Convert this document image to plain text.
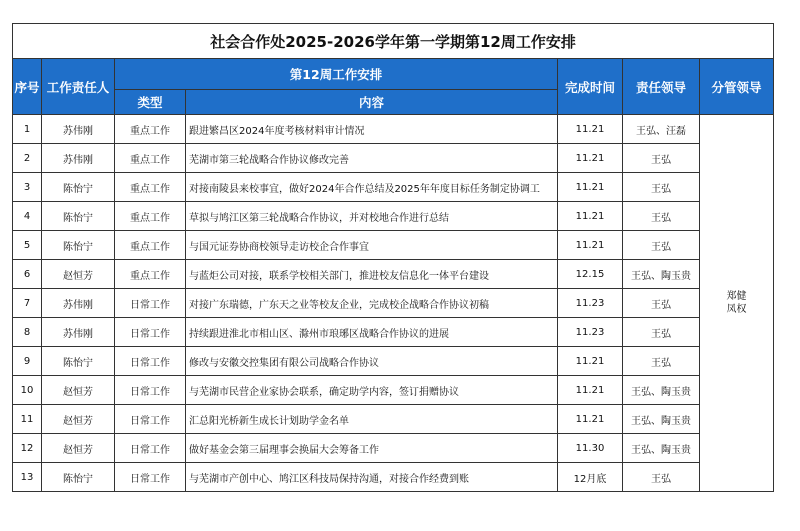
社会合作处2025-2026学年第一学期第12周工作安排						
序号	工作责任人	第12周工作安排		完成时间	责任领导	分管领导
		类型	内容			
1	苏伟刚	重点工作	跟进繁昌区2024年度考核材料审计情况	11.21	王弘、汪磊	郑健
凤权

2	苏伟刚	重点工作	芜湖市第三轮战略合作协议修改完善	11.21	王弘	
3	陈怡宁	重点工作	对接南陵县来校事宜，做好2024年合作总结及2025年年度目标任务制定协调工	11.21	王弘	
4	陈怡宁	重点工作	草拟与鸠江区第三轮战略合作协议，并对校地合作进行总结	11.21	王弘	
5	陈怡宁	重点工作	与国元证券协商校领导走访校企合作事宜	11.21	王弘	
6	赵恒芳	重点工作	与蓝炬公司对接，联系学校相关部门，推进校友信息化一体平台建设	12.15	王弘、陶玉贵	
7	苏伟刚	日常工作	对接广东瑞德，广东天之业等校友企业，完成校企战略合作协议初稿	11.23	王弘	
8	苏伟刚	日常工作	持续跟进淮北市相山区、滁州市琅琊区战略合作协议的进展	11.23	王弘	
9	陈怡宁	日常工作	修改与安徽交控集团有限公司战略合作协议	11.21	王弘	
10	赵恒芳	日常工作	与芜湖市民营企业家协会联系，确定助学内容，签订捐赠协议	11.21	王弘、陶玉贵	
11	赵恒芳	日常工作	汇总阳光桥新生成长计划助学金名单	11.21	王弘、陶玉贵	
12	赵恒芳	日常工作	做好基金会第三届理事会换届大会筹备工作	11.30	王弘、陶玉贵	
13	陈怡宁	日常工作	与芜湖市产创中心、鸠江区科技局保持沟通，对接合作经费到账	12月底	王弘	
